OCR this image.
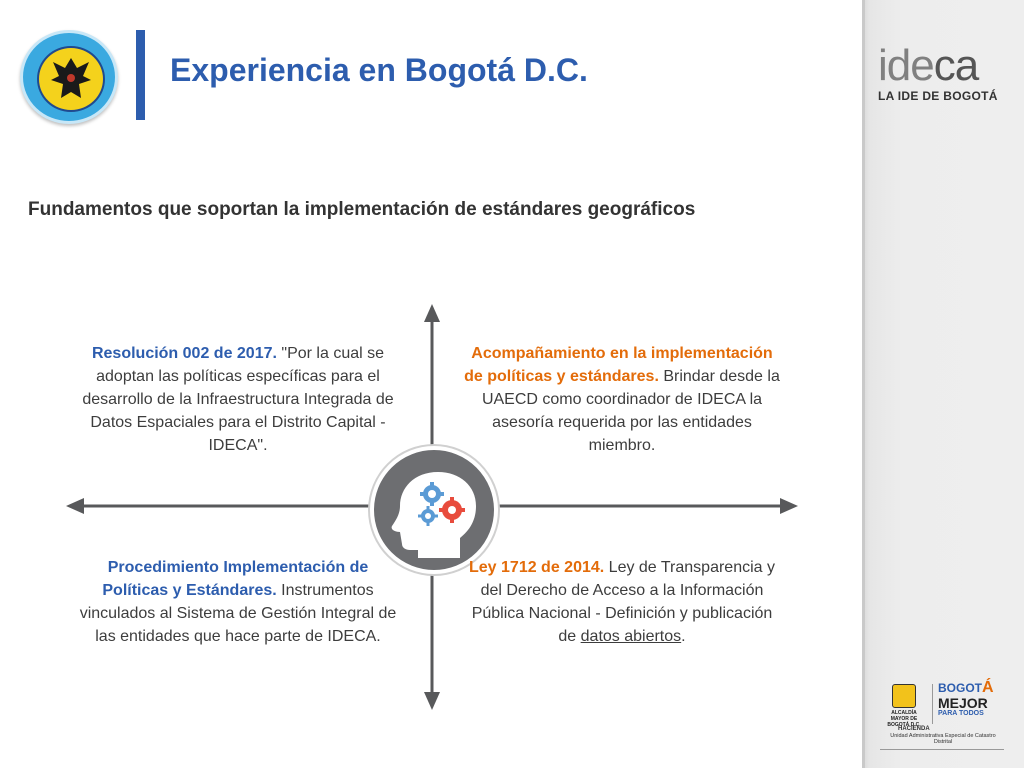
Experiencia en Bogotá D.C.	ideca
LA IDE DE BOGOTÁ
Fundamentos que soportan la implementación de estándares geográficos
Resolución 002 de 2017. "Por la cual se adoptan las políticas específicas para el desarrollo de la Infraestructura Integrada de Datos Espaciales para el Distrito Capital - IDECA".
Acompañamiento en la implementación de políticas y estándares. Brindar desde la UAECD como coordinador de IDECA la asesoría requerida por las entidades miembro.
Procedimiento Implementación de Políticas y Estándares. Instrumentos vinculados al Sistema de Gestión Integral de las entidades que hace parte de IDECA.
Ley 1712 de 2014. Ley de Transparencia y del Derecho de Acceso a la Información Pública Nacional - Definición y publicación de datos abiertos.
ALCALDÍA MAYOR DE BOGOTÁ D.C.
BOGOTÁ
MEJOR
PARA TODOS
HACIENDA
Unidad Administrativa Especial de Catastro Distrital
